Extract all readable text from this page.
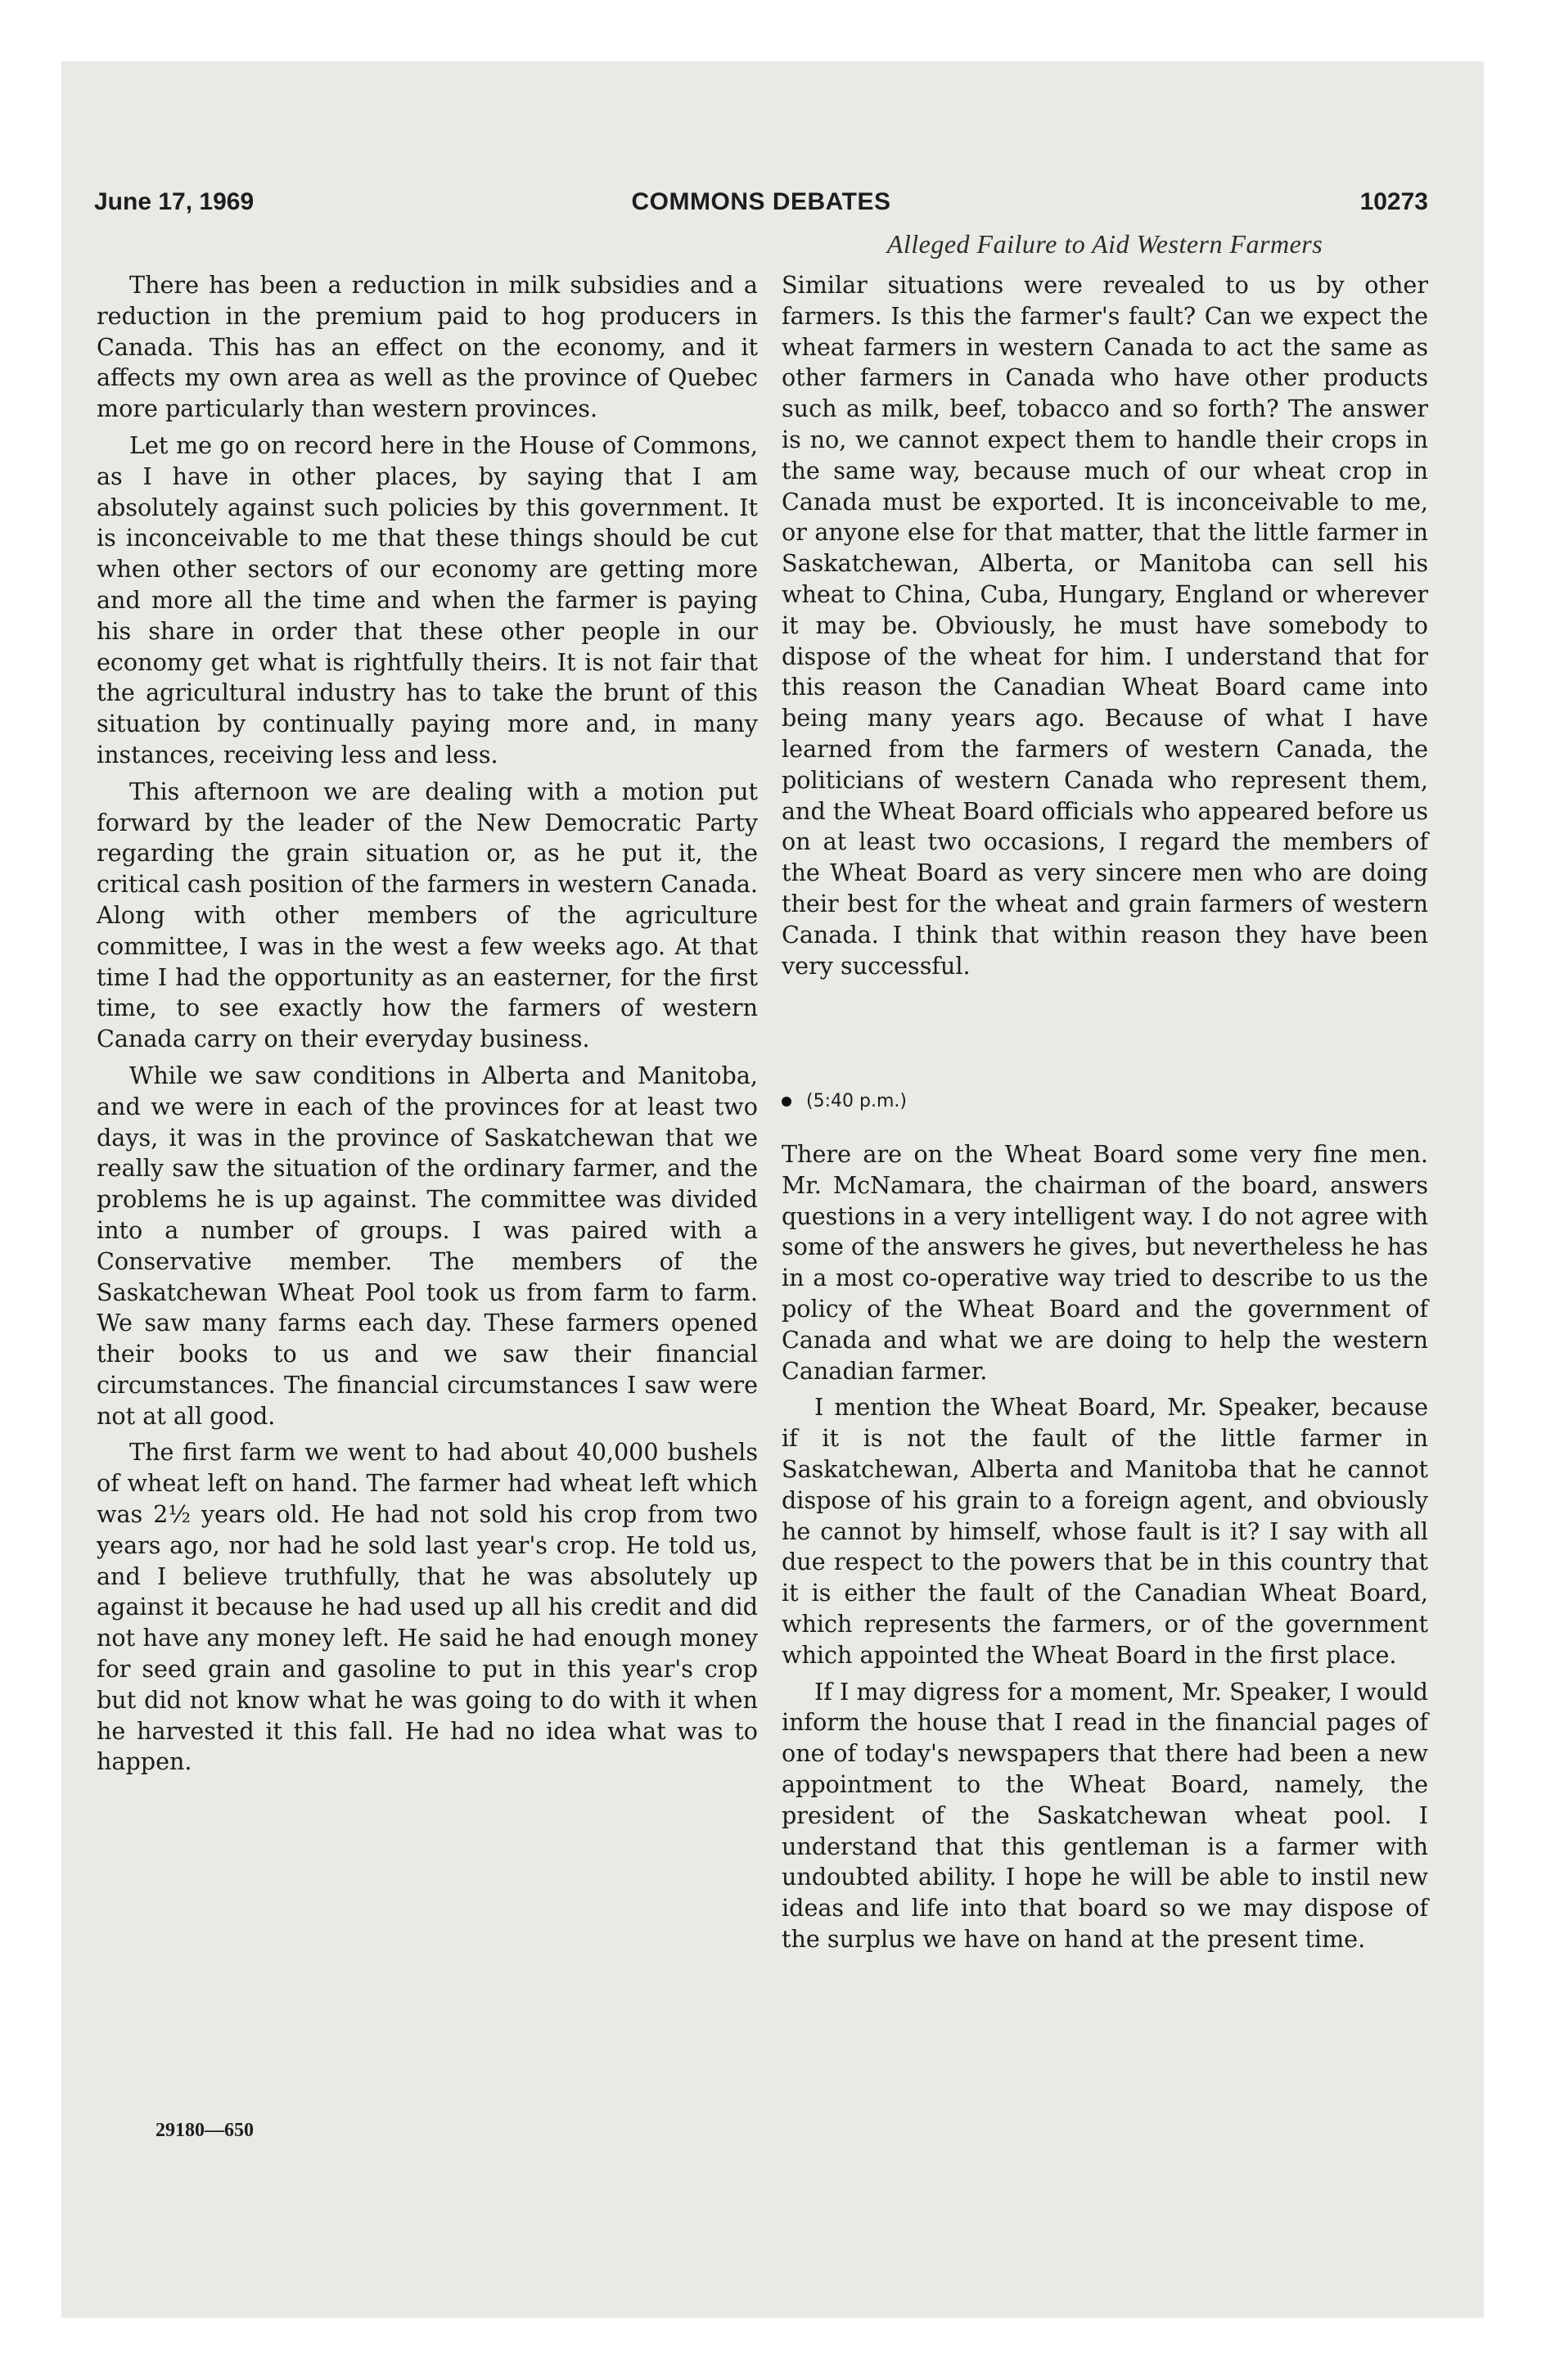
June 17, 1969	COMMONS DEBATES	10273
Alleged Failure to Aid Western Farmers

There has been a reduction in milk subsidies and a reduction in the premium paid to hog producers in Canada. This has an effect on the economy, and it affects my own area as well as the province of Quebec more particularly than western provinces.

Let me go on record here in the House of Commons, as I have in other places, by saying that I am absolutely against such policies by this government. It is inconceivable to me that these things should be cut when other sectors of our economy are getting more and more all the time and when the farmer is paying his share in order that these other people in our economy get what is rightfully theirs. It is not fair that the agricultural industry has to take the brunt of this situation by continually paying more and, in many instances, receiving less and less.

This afternoon we are dealing with a motion put forward by the leader of the New Democratic Party regarding the grain situation or, as he put it, the critical cash position of the farmers in western Canada. Along with other members of the agriculture committee, I was in the west a few weeks ago. At that time I had the opportunity as an easterner, for the first time, to see exactly how the farmers of western Canada carry on their everyday business.

While we saw conditions in Alberta and Manitoba, and we were in each of the provinces for at least two days, it was in the province of Saskatchewan that we really saw the situation of the ordinary farmer, and the problems he is up against. The committee was divided into a number of groups. I was paired with a Conservative member. The members of the Saskatchewan Wheat Pool took us from farm to farm. We saw many farms each day. These farmers opened their books to us and we saw their financial circumstances. The financial circumstances I saw were not at all good.

The first farm we went to had about 40,000 bushels of wheat left on hand. The farmer had wheat left which was 2½ years old. He had not sold his crop from two years ago, nor had he sold last year's crop. He told us, and I believe truthfully, that he was absolutely up against it because he had used up all his credit and did not have any money left. He said he had enough money for seed grain and gasoline to put in this year's crop but did not know what he was going to do with it when he harvested it this fall. He had no idea what was to happen.

29180—650

Similar situations were revealed to us by other farmers. Is this the farmer's fault? Can we expect the wheat farmers in western Canada to act the same as other farmers in Canada who have other products such as milk, beef, tobacco and so forth? The answer is no, we cannot expect them to handle their crops in the same way, because much of our wheat crop in Canada must be exported. It is inconceivable to me, or anyone else for that matter, that the little farmer in Saskatchewan, Alberta, or Manitoba can sell his wheat to China, Cuba, Hungary, England or wherever it may be. Obviously, he must have somebody to dispose of the wheat for him. I understand that for this reason the Canadian Wheat Board came into being many years ago. Because of what I have learned from the farmers of western Canada, the politicians of western Canada who represent them, and the Wheat Board officials who appeared before us on at least two occasions, I regard the members of the Wheat Board as very sincere men who are doing their best for the wheat and grain farmers of western Canada. I think that within reason they have been very successful.

(5:40 p.m.)

There are on the Wheat Board some very fine men. Mr. McNamara, the chairman of the board, answers questions in a very intelligent way. I do not agree with some of the answers he gives, but nevertheless he has in a most co-operative way tried to describe to us the policy of the Wheat Board and the government of Canada and what we are doing to help the western Canadian farmer.

I mention the Wheat Board, Mr. Speaker, because if it is not the fault of the little farmer in Saskatchewan, Alberta and Manitoba that he cannot dispose of his grain to a foreign agent, and obviously he cannot by himself, whose fault is it? I say with all due respect to the powers that be in this country that it is either the fault of the Canadian Wheat Board, which represents the farmers, or of the government which appointed the Wheat Board in the first place.

If I may digress for a moment, Mr. Speaker, I would inform the house that I read in the financial pages of one of today's newspapers that there had been a new appointment to the Wheat Board, namely, the president of the Saskatchewan wheat pool. I understand that this gentleman is a farmer with undoubted ability. I hope he will be able to instil new ideas and life into that board so we may dispose of the surplus we have on hand at the present time.
